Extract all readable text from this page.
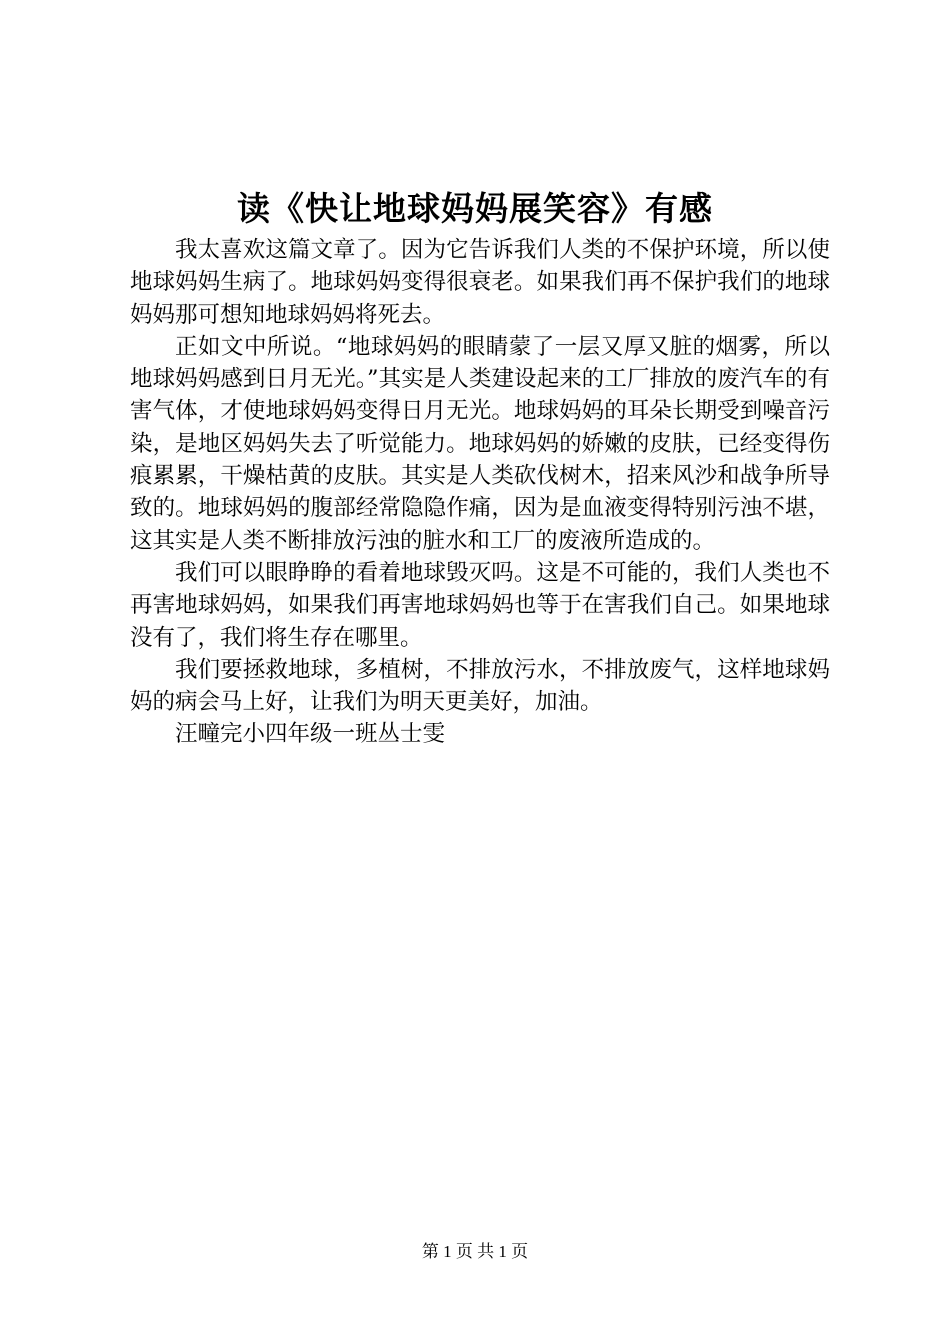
读《快让地球妈妈展笑容》有感

我太喜欢这篇文章了。因为它告诉我们人类的不保护环境，所以使地球妈妈生病了。地球妈妈变得很衰老。如果我们再不保护我们的地球妈妈那可想知地球妈妈将死去。

正如文中所说。“地球妈妈的眼睛蒙了一层又厚又脏的烟雾，所以地球妈妈感到日月无光。”其实是人类建设起来的工厂排放的废汽车的有害气体，才使地球妈妈变得日月无光。地球妈妈的耳朵长期受到噪音污染，是地区妈妈失去了听觉能力。地球妈妈的娇嫩的皮肤，已经变得伤痕累累，干燥枯黄的皮肤。其实是人类砍伐树木，招来风沙和战争所导致的。地球妈妈的腹部经常隐隐作痛，因为是血液变得特别污浊不堪，这其实是人类不断排放污浊的脏水和工厂的废液所造成的。

我们可以眼睁睁的看着地球毁灭吗。这是不可能的，我们人类也不再害地球妈妈，如果我们再害地球妈妈也等于在害我们自己。如果地球没有了，我们将生存在哪里。

我们要拯救地球，多植树，不排放污水，不排放废气，这样地球妈妈的病会马上好，让我们为明天更美好，加油。

汪疃完小四年级一班丛士雯

第 1 页 共 1 页
